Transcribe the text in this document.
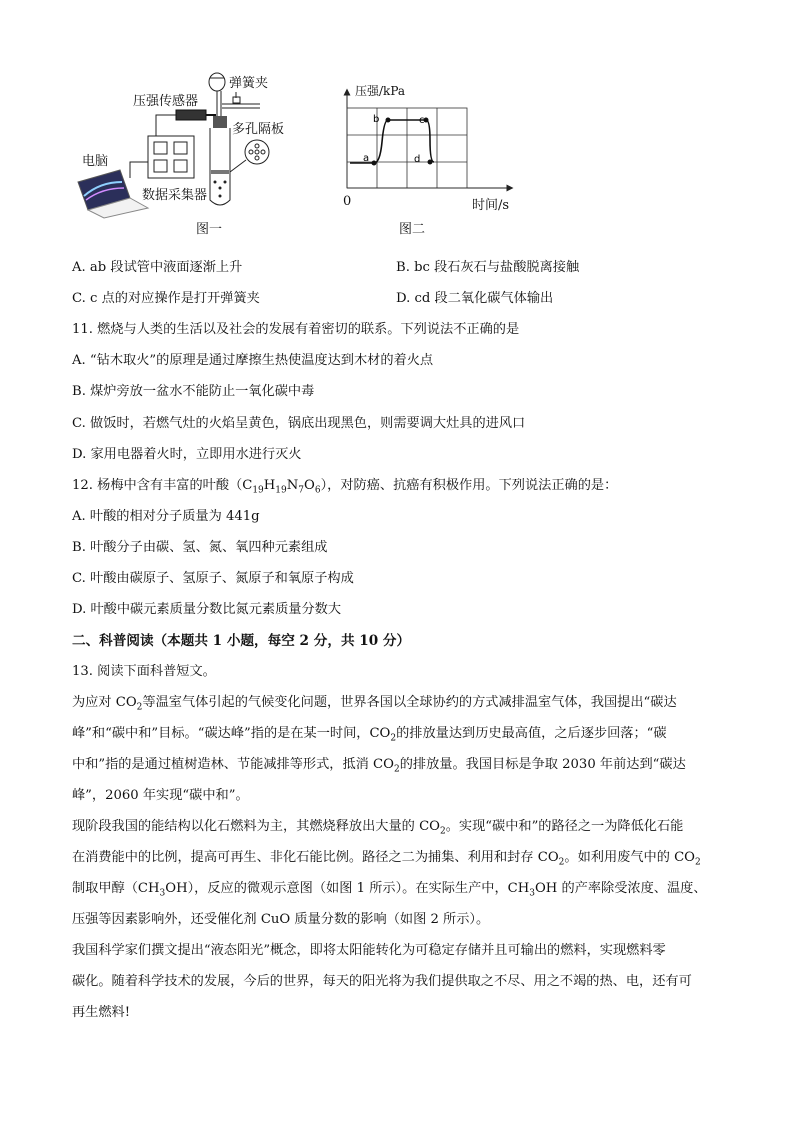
弹簧夹
压强传感器
多孔隔板
电脑
数据采集器
图一
a
b	c
d
压强/kPa
0	时间/s
图二
A. ab 段试管中液面逐渐上升	B. bc 段石灰石与盐酸脱离接触
C. c 点的对应操作是打开弹簧夹	D. cd 段二氧化碳气体输出
11. 燃烧与人类的生活以及社会的发展有着密切的联系。下列说法不正确的是
A. “钻木取火”的原理是通过摩擦生热使温度达到木材的着火点
B. 煤炉旁放一盆水不能防止一氧化碳中毒
C. 做饭时，若燃气灶的火焰呈黄色，锅底出现黑色，则需要调大灶具的进风口
D. 家用电器着火时，立即用水进行灭火
12. 杨梅中含有丰富的叶酸$(C_{19}H_{19}N_7O_6)$，对防癌、抗癌有积极作用。下列说法正确的是：
A. 叶酸的相对分子质量为 441g
B. 叶酸分子由碳、氢、氮、氧四种元素组成
C. 叶酸由碳原子、氢原子、氮原子和氧原子构成
D. 叶酸中碳元素质量分数比氮元素质量分数大
二、科普阅读（本题共 1 小题，每空 2 分，共 10 分）
13. 阅读下面科普短文。
为应对 $CO_2$等温室气体引起的气候变化问题，世界各国以全球协约的方式减排温室气体，我国提出“碳达
峰”和“碳中和”目标。“碳达峰”指的是在某一时间，$CO_2$的排放量达到历史最高值，之后逐步回落；“碳
中和”指的是通过植树造林、节能减排等形式，抵消 $CO_2$的排放量。我国目标是争取 2030 年前达到“碳达
峰”，2060 年实现“碳中和”。
现阶段我国的能结构以化石燃料为主，其燃烧释放出大量的 $CO_2$。实现“碳中和”的路径之一为降低化石能
在消费能中的比例，提高可再生、非化石能比例。路径之二为捕集、利用和封存 $CO_2$。如利用废气中的 $CO_2$
制取甲醇$(CH_3OH)$，反应的微观示意图（如图 1 所示）。在实际生产中，$CH_3OH$ 的产率除受浓度、温度、
压强等因素影响外，还受催化剂 CuO 质量分数的影响（如图 2 所示）。
我国科学家们撰文提出“液态阳光”概念，即将太阳能转化为可稳定存储并且可输出的燃料，实现燃料零
碳化。随着科学技术的发展，今后的世界，每天的阳光将为我们提供取之不尽、用之不竭的热、电，还有可
再生燃料!
